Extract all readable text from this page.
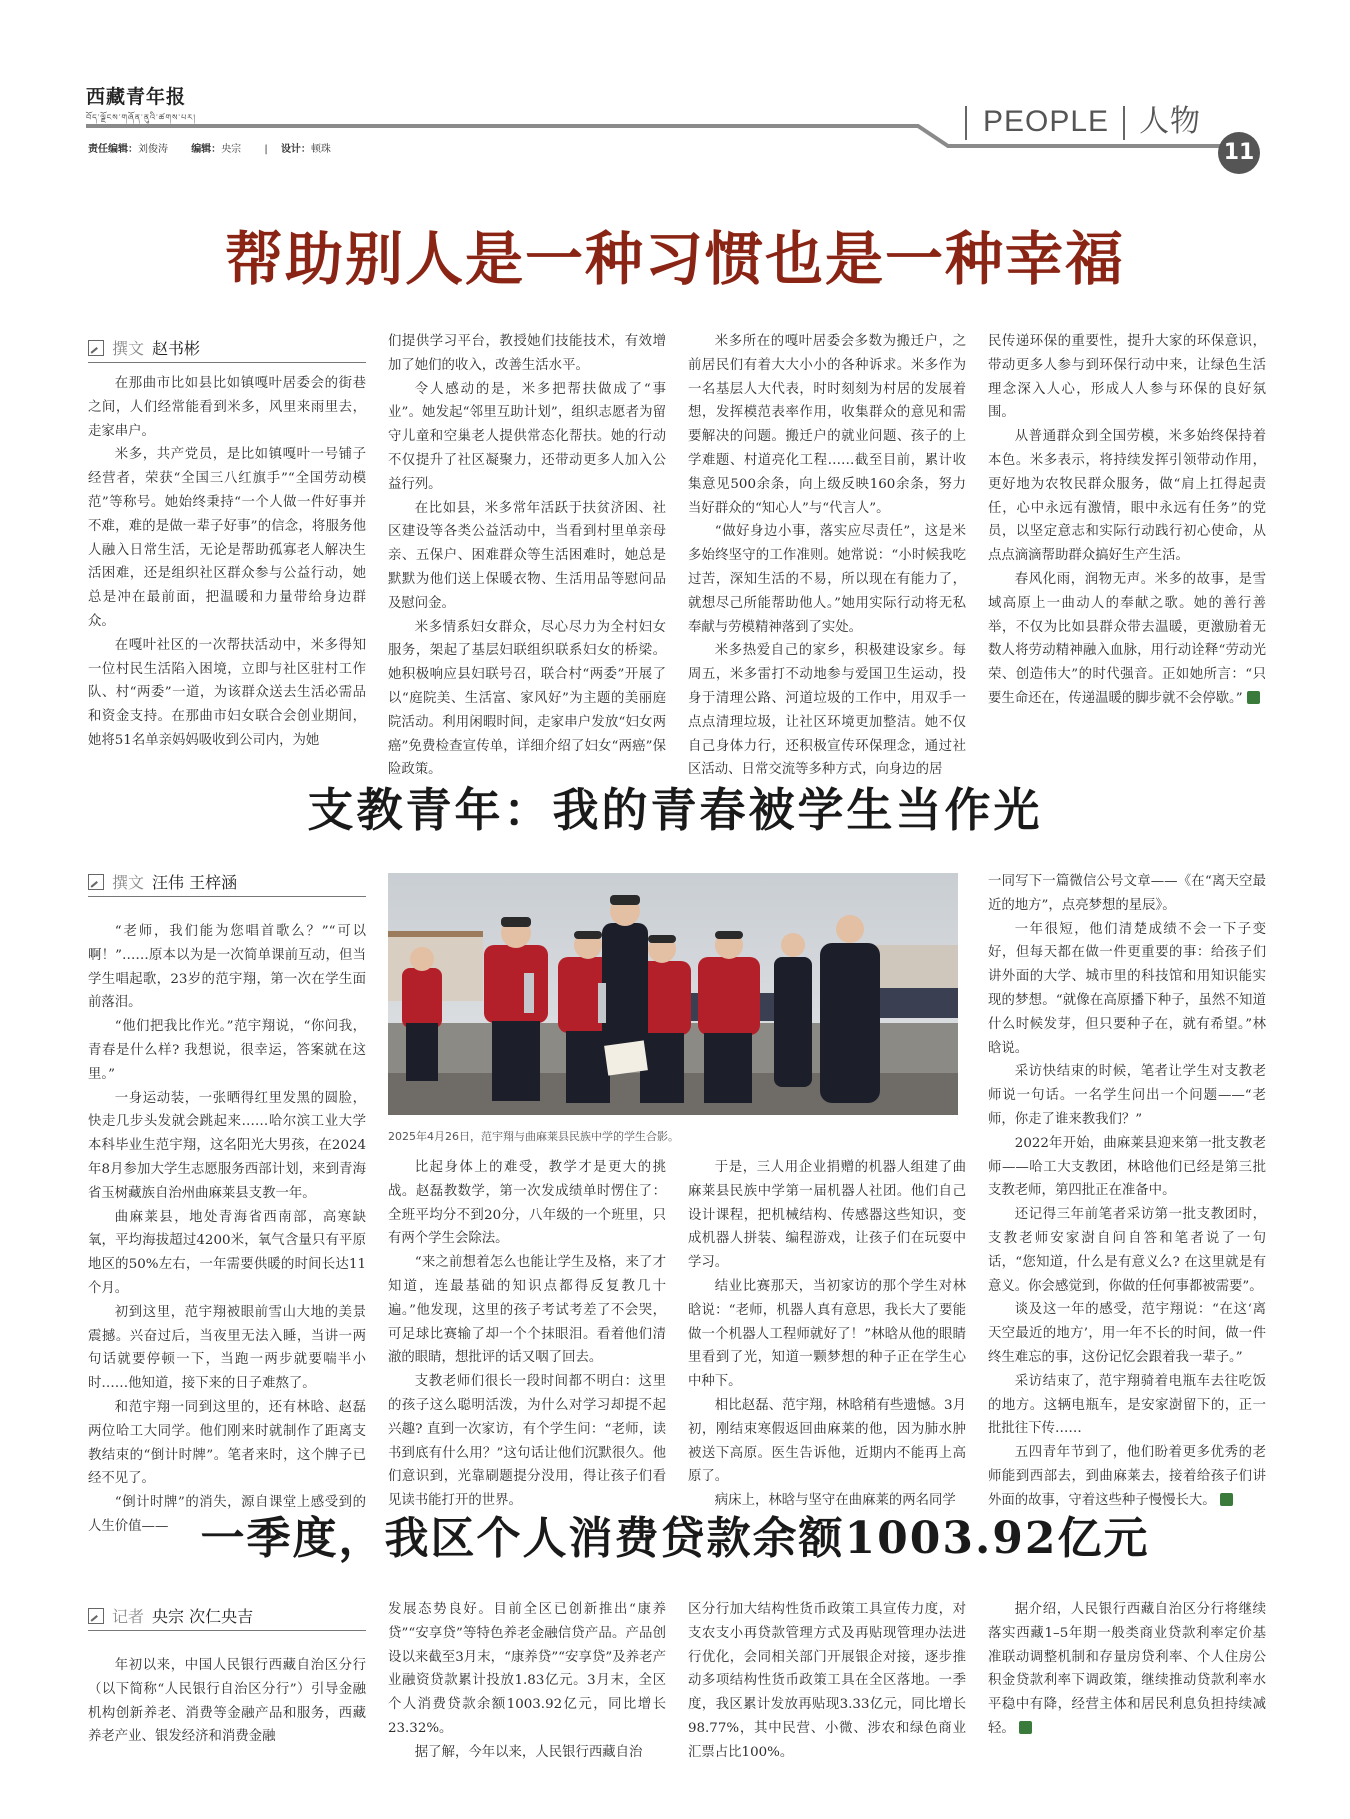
西藏青年报
བོད་ལྗོངས་གཞོན་ནུའི་ཚགས་པར།
责任编辑：刘俊涛 编辑：央宗 | 设计：顿珠
PEOPLE 人物
11
帮助别人是一种习惯也是一种幸福
撰文 赵书彬

在那曲市比如县比如镇嘎叶居委会的街巷之间，人们经常能看到米多，风里来雨里去，走家串户。

米多，共产党员，是比如镇嘎叶一号铺子经营者，荣获“全国三八红旗手”“全国劳动模范”等称号。她始终秉持“一个人做一件好事并不难，难的是做一辈子好事”的信念，将服务他人融入日常生活，无论是帮助孤寡老人解决生活困难，还是组织社区群众参与公益行动，她总是冲在最前面，把温暖和力量带给身边群众。

在嘎叶社区的一次帮扶活动中，米多得知一位村民生活陷入困境，立即与社区驻村工作队、村“两委”一道，为该群众送去生活必需品和资金支持。在那曲市妇女联合会创业期间，她将51名单亲妈妈吸收到公司内，为她

们提供学习平台，教授她们技能技术，有效增加了她们的收入，改善生活水平。

令人感动的是，米多把帮扶做成了“事业”。她发起“邻里互助计划”，组织志愿者为留守儿童和空巢老人提供常态化帮扶。她的行动不仅提升了社区凝聚力，还带动更多人加入公益行列。

在比如县，米多常年活跃于扶贫济困、社区建设等各类公益活动中，当看到村里单亲母亲、五保户、困难群众等生活困难时，她总是默默为他们送上保暖衣物、生活用品等慰问品及慰问金。

米多情系妇女群众，尽心尽力为全村妇女服务，架起了基层妇联组织联系妇女的桥梁。她积极响应县妇联号召，联合村“两委”开展了以“庭院美、生活富、家风好”为主题的美丽庭院活动。利用闲暇时间，走家串户发放“妇女两癌”免费检查宣传单，详细介绍了妇女“两癌”保险政策。

米多所在的嘎叶居委会多数为搬迁户，之前居民们有着大大小小的各种诉求。米多作为一名基层人大代表，时时刻刻为村居的发展着想，发挥模范表率作用，收集群众的意见和需要解决的问题。搬迁户的就业问题、孩子的上学难题、村道亮化工程……截至目前，累计收集意见500余条，向上级反映160余条，努力当好群众的“知心人”与“代言人”。

“做好身边小事，落实应尽责任”，这是米多始终坚守的工作准则。她常说：“小时候我吃过苦，深知生活的不易，所以现在有能力了，就想尽己所能帮助他人。”她用实际行动将无私奉献与劳模精神落到了实处。

米多热爱自己的家乡，积极建设家乡。每周五，米多雷打不动地参与爱国卫生运动，投身于清理公路、河道垃圾的工作中，用双手一点点清理垃圾，让社区环境更加整洁。她不仅自己身体力行，还积极宣传环保理念，通过社区活动、日常交流等多种方式，向身边的居

民传递环保的重要性，提升大家的环保意识，带动更多人参与到环保行动中来，让绿色生活理念深入人心，形成人人参与环保的良好氛围。

从普通群众到全国劳模，米多始终保持着本色。米多表示，将持续发挥引领带动作用，更好地为农牧民群众服务，做“肩上扛得起责任，心中永远有激情，眼中永远有任务”的党员，以坚定意志和实际行动践行初心使命，从点点滴滴帮助群众搞好生产生活。

春风化雨，润物无声。米多的故事，是雪域高原上一曲动人的奉献之歌。她的善行善举，不仅为比如县群众带去温暖，更激励着无数人将劳动精神融入血脉，用行动诠释“劳动光荣、创造伟大”的时代强音。正如她所言：“只要生命还在，传递温暖的脚步就不会停歇。”

支教青年：我的青春被学生当作光
撰文 汪伟 王梓涵

“老师，我们能为您唱首歌么？”“可以啊！”……原本以为是一次简单课前互动，但当学生唱起歌，23岁的范宇翔，第一次在学生面前落泪。

“他们把我比作光。”范宇翔说，“你问我，青春是什么样? 我想说，很幸运，答案就在这里。”

一身运动装，一张晒得红里发黑的圆脸，快走几步头发就会跳起来……哈尔滨工业大学本科毕业生范宇翔，这名阳光大男孩，在2024年8月参加大学生志愿服务西部计划，来到青海省玉树藏族自治州曲麻莱县支教一年。

曲麻莱县，地处青海省西南部，高寒缺氧，平均海拔超过4200米，氧气含量只有平原地区的50%左右，一年需要供暖的时间长达11个月。

初到这里，范宇翔被眼前雪山大地的美景震撼。兴奋过后，当夜里无法入睡，当讲一两句话就要停顿一下，当跑一两步就要喘半小时……他知道，接下来的日子难熬了。

和范宇翔一同到这里的，还有林晗、赵磊两位哈工大同学。他们刚来时就制作了距离支教结束的“倒计时牌”。笔者来时，这个牌子已经不见了。

“倒计时牌”的消失，源自课堂上感受到的人生价值——

2025年4月26日，范宇翔与曲麻莱县民族中学的学生合影。

比起身体上的难受，教学才是更大的挑战。赵磊教数学，第一次发成绩单时愣住了：全班平均分不到20分，八年级的一个班里，只有两个学生会除法。

“来之前想着怎么也能让学生及格，来了才知道，连最基础的知识点都得反复教几十遍。”他发现，这里的孩子考试考差了不会哭，可足球比赛输了却一个个抹眼泪。看着他们清澈的眼睛，想批评的话又咽了回去。

支教老师们很长一段时间都不明白：这里的孩子这么聪明活泼，为什么对学习却提不起兴趣? 直到一次家访，有个学生问：“老师，读书到底有什么用？”这句话让他们沉默很久。他们意识到，光靠刷题提分没用，得让孩子们看见读书能打开的世界。

于是，三人用企业捐赠的机器人组建了曲麻莱县民族中学第一届机器人社团。他们自己设计课程，把机械结构、传感器这些知识，变成机器人拼装、编程游戏，让孩子们在玩耍中学习。

结业比赛那天，当初家访的那个学生对林晗说：“老师，机器人真有意思，我长大了要能做一个机器人工程师就好了！”林晗从他的眼睛里看到了光，知道一颗梦想的种子正在学生心中种下。

相比赵磊、范宇翔，林晗稍有些遗憾。3月初，刚结束寒假返回曲麻莱的他，因为肺水肿被送下高原。医生告诉他，近期内不能再上高原了。

病床上，林晗与坚守在曲麻莱的两名同学

一同写下一篇微信公号文章——《在“离天空最近的地方”，点亮梦想的星辰》。

一年很短，他们清楚成绩不会一下子变好，但每天都在做一件更重要的事：给孩子们讲外面的大学、城市里的科技馆和用知识能实现的梦想。“就像在高原播下种子，虽然不知道什么时候发芽，但只要种子在，就有希望。”林晗说。

采访快结束的时候，笔者让学生对支教老师说一句话。一名学生问出一个问题——“老师，你走了谁来教我们？”

2022年开始，曲麻莱县迎来第一批支教老师——哈工大支教团，林晗他们已经是第三批支教老师，第四批正在准备中。

还记得三年前笔者采访第一批支教团时，支教老师安家澍自问自答和笔者说了一句话，“您知道，什么是有意义么? 在这里就是有意义。你会感觉到，你做的任何事都被需要”。

谈及这一年的感受，范宇翔说：“在这‘离天空最近的地方’，用一年不长的时间，做一件终生难忘的事，这份记忆会跟着我一辈子。”

采访结束了，范宇翔骑着电瓶车去往吃饭的地方。这辆电瓶车，是安家澍留下的，正一批批往下传……

五四青年节到了，他们盼着更多优秀的老师能到西部去，到曲麻莱去，接着给孩子们讲外面的故事，守着这些种子慢慢长大。

一季度，我区个人消费贷款余额1003.92亿元
记者 央宗 次仁央吉

年初以来，中国人民银行西藏自治区分行（以下简称“人民银行自治区分行”）引导金融机构创新养老、消费等金融产品和服务，西藏养老产业、银发经济和消费金融

发展态势良好。目前全区已创新推出“康养贷”“安享贷”等特色养老金融信贷产品。产品创设以来截至3月末，“康养贷”“安享贷”及养老产业融资贷款累计投放1.83亿元。3月末，全区个人消费贷款余额1003.92亿元，同比增长23.32%。

据了解，今年以来，人民银行西藏自治

区分行加大结构性货币政策工具宣传力度，对支农支小再贷款管理方式及再贴现管理办法进行优化，会同相关部门开展银企对接，逐步推动多项结构性货币政策工具在全区落地。一季度，我区累计发放再贴现3.33亿元，同比增长98.77%，其中民营、小微、涉农和绿色商业汇票占比100%。

据介绍，人民银行西藏自治区分行将继续落实西藏1–5年期一般类商业贷款利率定价基准联动调整机制和存量房贷利率、个人住房公积金贷款利率下调政策，继续推动贷款利率水平稳中有降，经营主体和居民利息负担持续减轻。
